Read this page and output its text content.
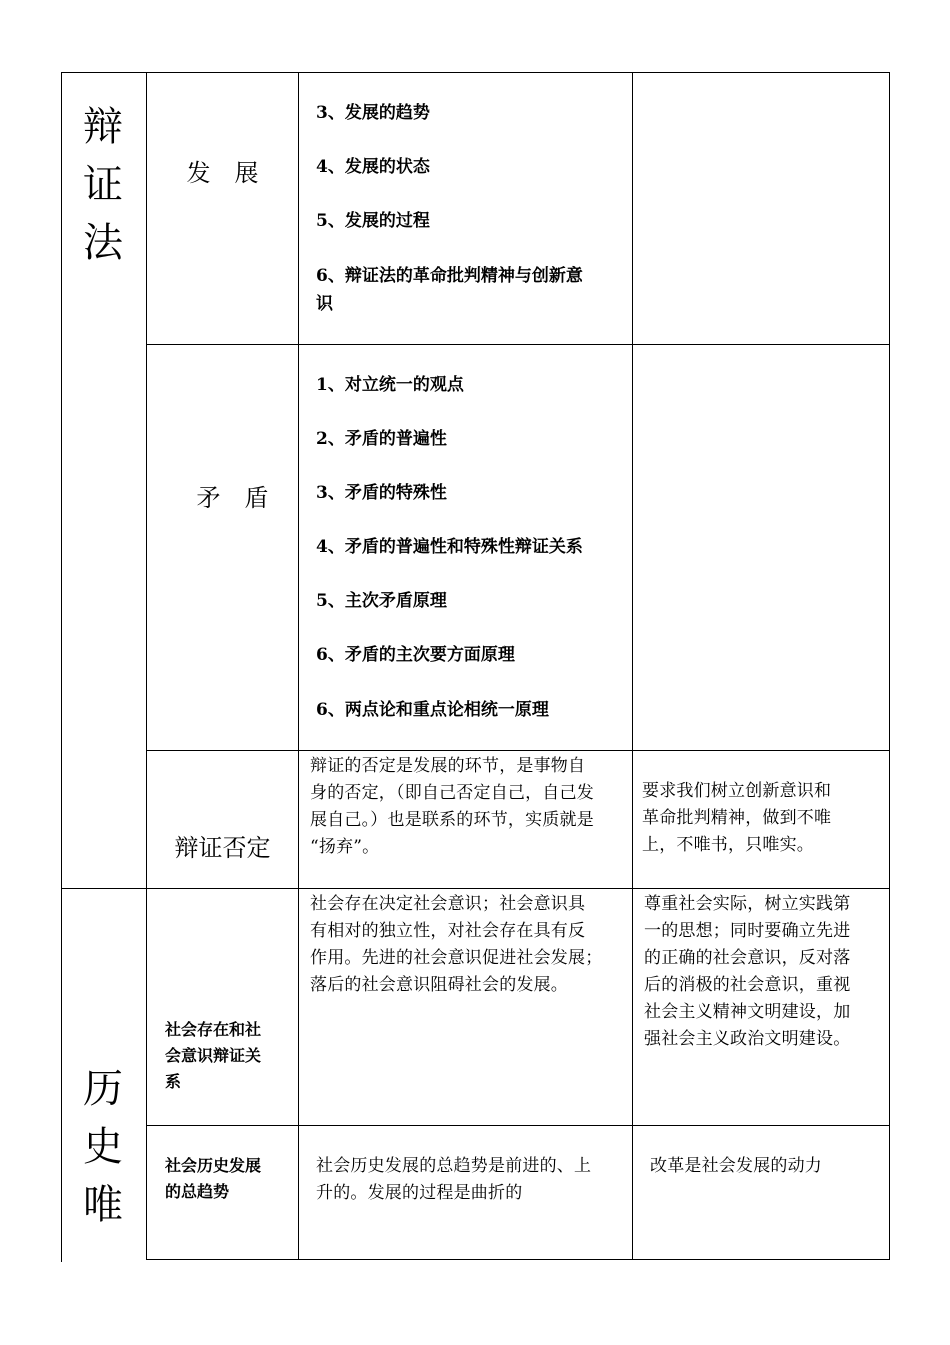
辩
证
法
发　展
3、发展的趋势
4、发展的状态
5、发展的过程
6、辩证法的革命批判精神与创新意
识
矛　盾
1、对立统一的观点
2、矛盾的普遍性
3、矛盾的特殊性
4、矛盾的普遍性和特殊性辩证关系
5、主次矛盾原理
6、矛盾的主次要方面原理
6、两点论和重点论相统一原理
辩证否定
辩证的否定是发展的环节，是事物自
身的否定，（即自己否定自己，自己发
展自己。）也是联系的环节，实质就是
“扬弃”。
要求我们树立创新意识和
革命批判精神，做到不唯
上，不唯书，只唯实。
历
史
唯
社会存在和社
会意识辩证关
系
社会存在决定社会意识；社会意识具
有相对的独立性，对社会存在具有反
作用。先进的社会意识促进社会发展；
落后的社会意识阻碍社会的发展。
尊重社会实际，树立实践第
一的思想；同时要确立先进
的正确的社会意识，反对落
后的消极的社会意识，重视
社会主义精神文明建设，加
强社会主义政治文明建设。
社会历史发展
的总趋势
社会历史发展的总趋势是前进的、上
升的。发展的过程是曲折的
改革是社会发展的动力
